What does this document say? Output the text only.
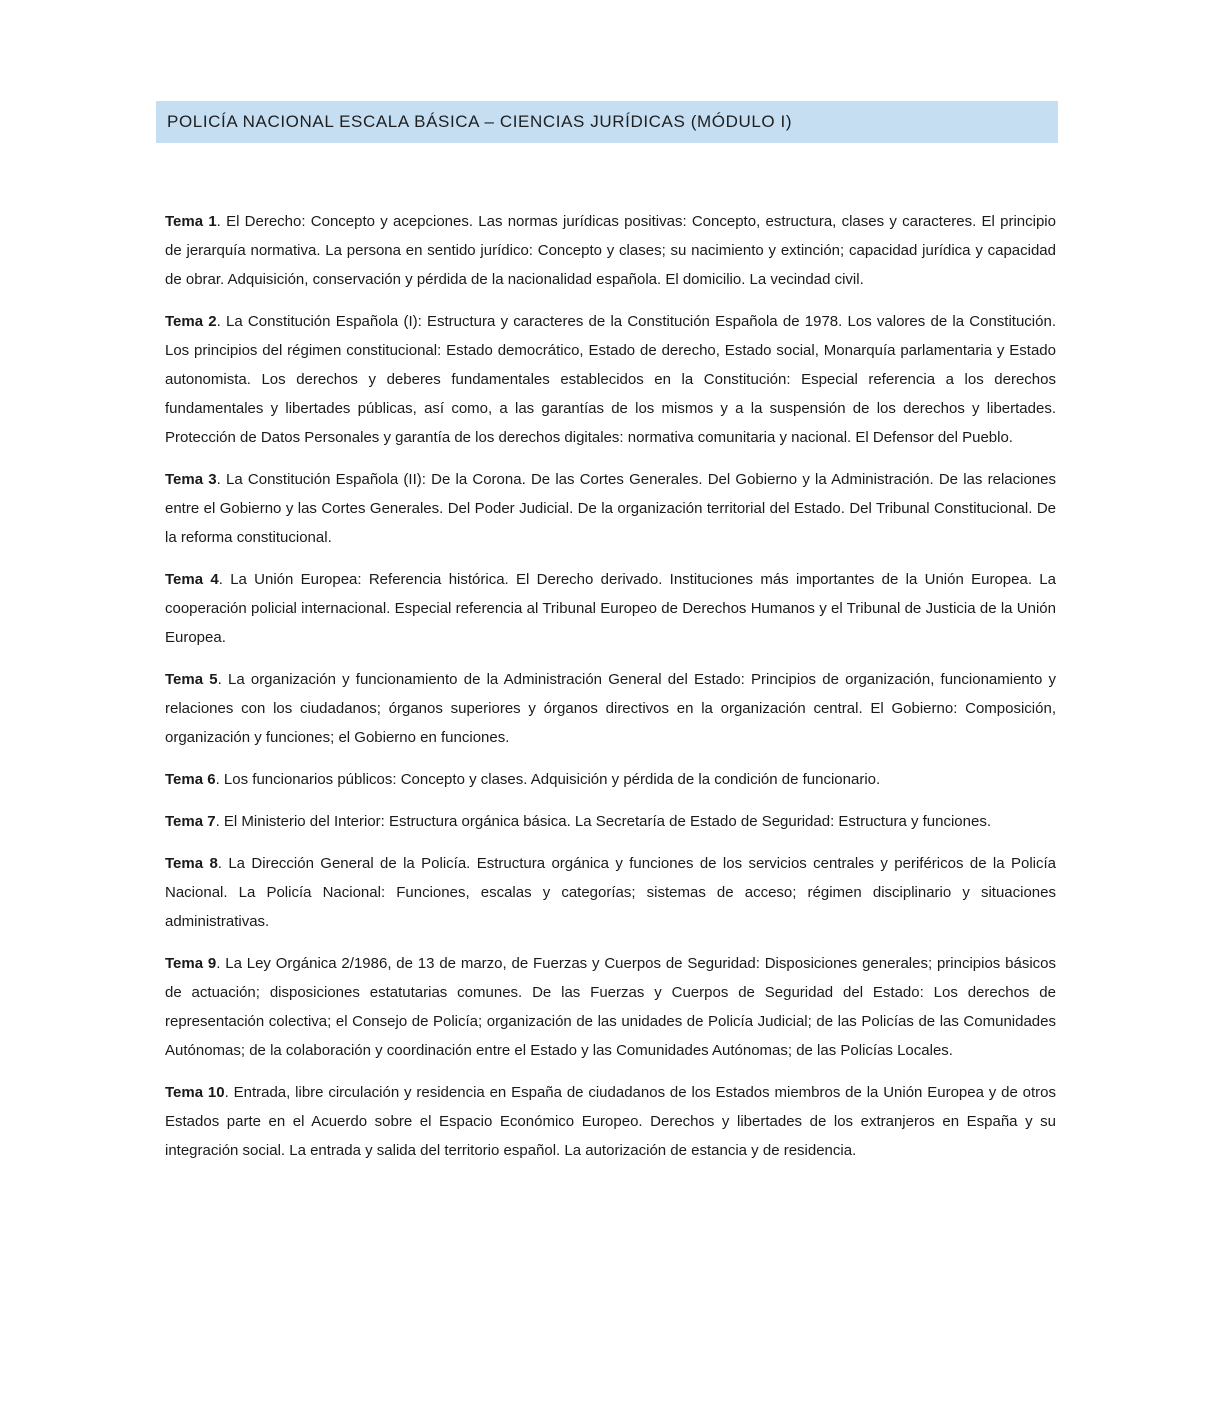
POLICÍA NACIONAL ESCALA BÁSICA – CIENCIAS JURÍDICAS (MÓDULO I)

Tema 1. El Derecho: Concepto y acepciones. Las normas jurídicas positivas: Concepto, estructura, clases y caracteres. El principio de jerarquía normativa. La persona en sentido jurídico: Concepto y clases; su nacimiento y extinción; capacidad jurídica y capacidad de obrar. Adquisición, conservación y pérdida de la nacionalidad española. El domicilio. La vecindad civil.

Tema 2. La Constitución Española (I): Estructura y caracteres de la Constitución Española de 1978. Los valores de la Constitución. Los principios del régimen constitucional: Estado democrático, Estado de derecho, Estado social, Monarquía parlamentaria y Estado autonomista. Los derechos y deberes fundamentales establecidos en la Constitución: Especial referencia a los derechos fundamentales y libertades públicas, así como, a las garantías de los mismos y a la suspensión de los derechos y libertades. Protección de Datos Personales y garantía de los derechos digitales: normativa comunitaria y nacional. El Defensor del Pueblo.

Tema 3. La Constitución Española (II): De la Corona. De las Cortes Generales. Del Gobierno y la Administración. De las relaciones entre el Gobierno y las Cortes Generales. Del Poder Judicial. De la organización territorial del Estado. Del Tribunal Constitucional. De la reforma constitucional.

Tema 4. La Unión Europea: Referencia histórica. El Derecho derivado. Instituciones más importantes de la Unión Europea. La cooperación policial internacional. Especial referencia al Tribunal Europeo de Derechos Humanos y el Tribunal de Justicia de la Unión Europea.

Tema 5. La organización y funcionamiento de la Administración General del Estado: Principios de organización, funcionamiento y relaciones con los ciudadanos; órganos superiores y órganos directivos en la organización central. El Gobierno: Composición, organización y funciones; el Gobierno en funciones.

Tema 6. Los funcionarios públicos: Concepto y clases. Adquisición y pérdida de la condición de funcionario.

Tema 7. El Ministerio del Interior: Estructura orgánica básica. La Secretaría de Estado de Seguridad: Estructura y funciones.

Tema 8. La Dirección General de la Policía. Estructura orgánica y funciones de los servicios centrales y periféricos de la Policía Nacional. La Policía Nacional: Funciones, escalas y categorías; sistemas de acceso; régimen disciplinario y situaciones administrativas.

Tema 9. La Ley Orgánica 2/1986, de 13 de marzo, de Fuerzas y Cuerpos de Seguridad: Disposiciones generales; principios básicos de actuación; disposiciones estatutarias comunes. De las Fuerzas y Cuerpos de Seguridad del Estado: Los derechos de representación colectiva; el Consejo de Policía; organización de las unidades de Policía Judicial; de las Policías de las Comunidades Autónomas; de la colaboración y coordinación entre el Estado y las Comunidades Autónomas; de las Policías Locales.

Tema 10. Entrada, libre circulación y residencia en España de ciudadanos de los Estados miembros de la Unión Europea y de otros Estados parte en el Acuerdo sobre el Espacio Económico Europeo. Derechos y libertades de los extranjeros en España y su integración social. La entrada y salida del territorio español. La autorización de estancia y de residencia.
